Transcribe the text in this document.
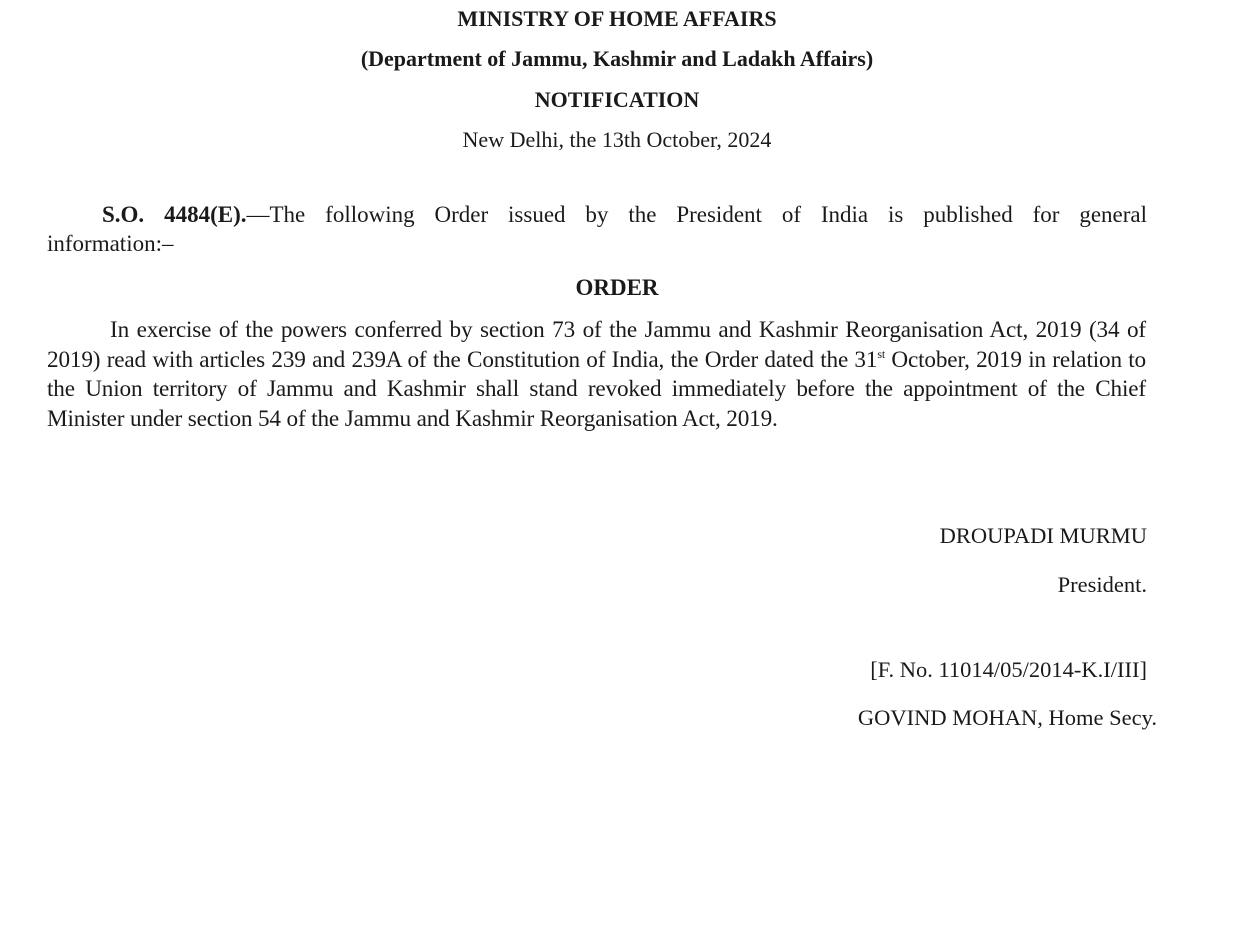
MINISTRY OF HOME AFFAIRS
(Department of Jammu, Kashmir and Ladakh Affairs)
NOTIFICATION
New Delhi, the 13th October, 2024
S.O. 4484(E).—The following Order issued by the President of India is published for general information:–
ORDER
In exercise of the powers conferred by section 73 of the Jammu and Kashmir Reorganisation Act, 2019 (34 of 2019) read with articles 239 and 239A of the Constitution of India, the Order dated the 31st October, 2019 in relation to the Union territory of Jammu and Kashmir shall stand revoked immediately before the appointment of the Chief Minister under section 54 of the Jammu and Kashmir Reorganisation Act, 2019.
DROUPADI MURMU
President.
[F. No. 11014/05/2014-K.I/III]
GOVIND MOHAN, Home Secy.
